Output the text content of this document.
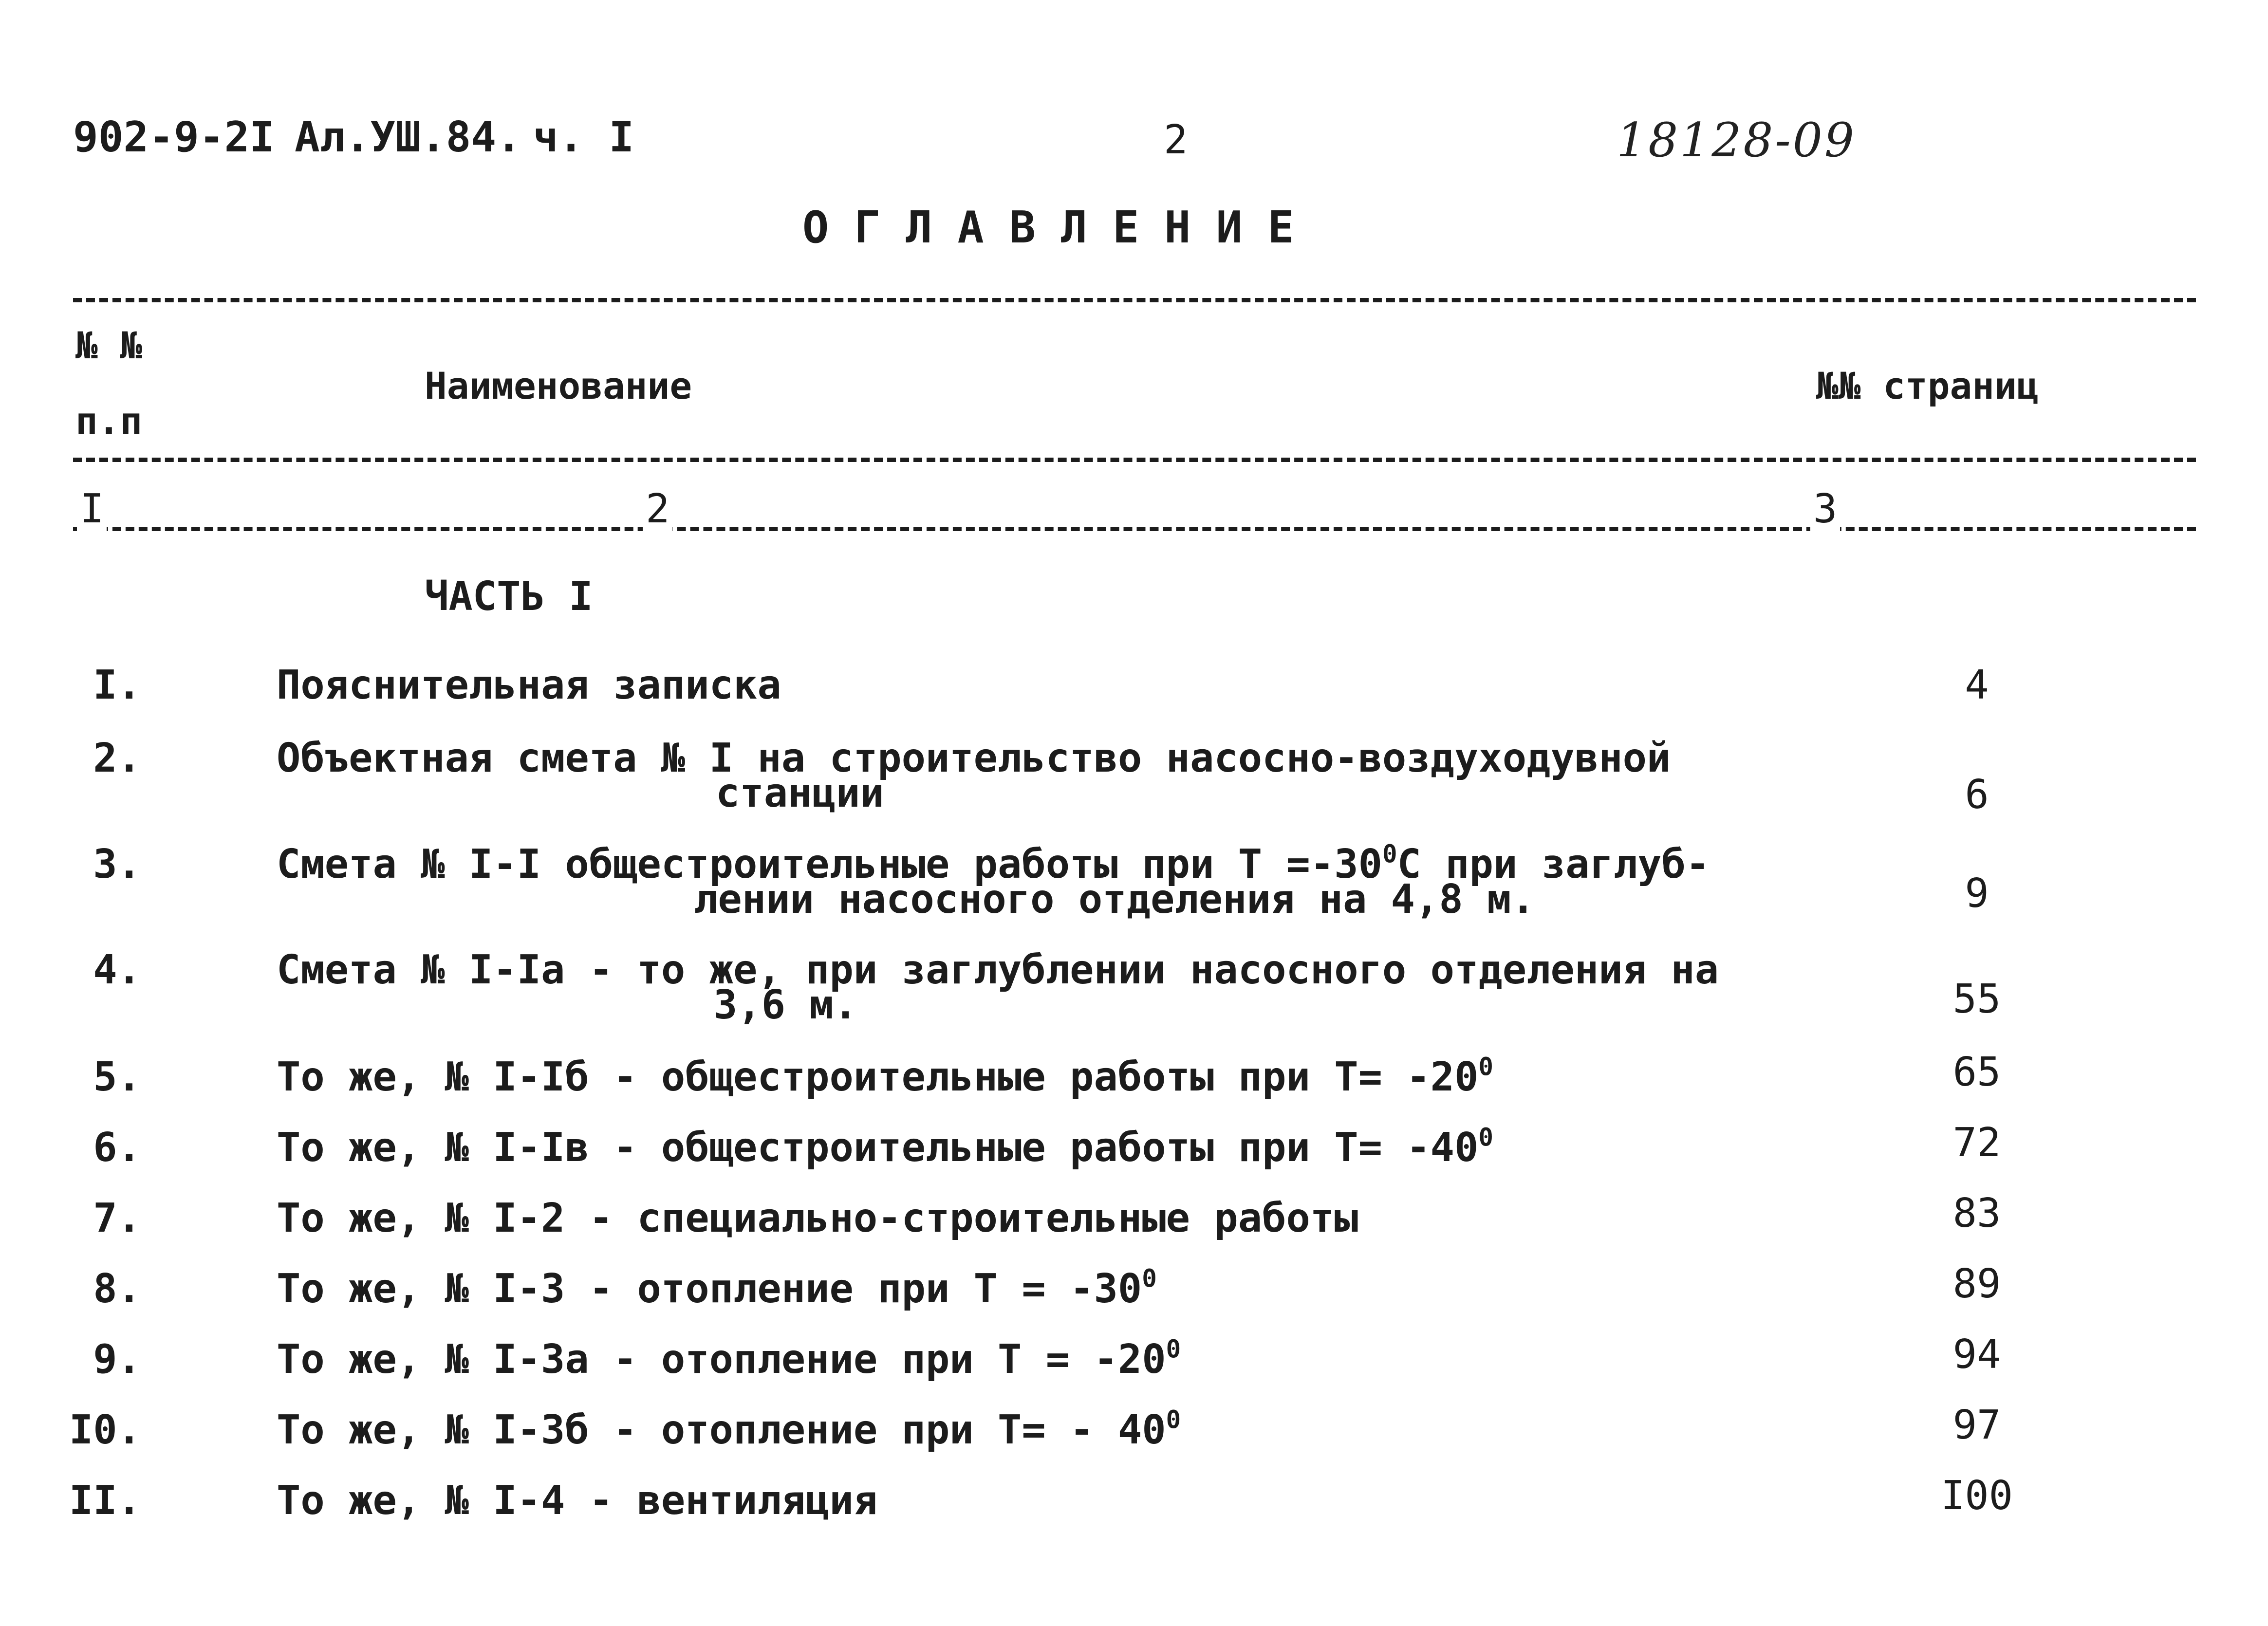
902-9-2I Ал.УШ.84. ч. I	2	18128-09
ОГЛАВЛЕНИЕ
№ №
п.п
Наименование	№№ страниц
I	2	3
ЧАСТЬ I
I.	Пояснительная записка	4
2.	Объектная смета № I на строительство насосно-воздуходувной
станции	6
3.	Смета № I-I общестроительные работы при $Т =-30^0С$ при заглуб-
лении насосного отделения на 4,8 м.	9
4.	Смета № I-Iа - то же, при заглублении насосного отделения на
3,6 м.	55
5.	То же, № I-Iб - общестроительные работы при $Т= -20^0$	65
6.	То же, № I-Iв - общестроительные работы при $Т= -40^0$	72
7.	То же, № I-2 - специально-строительные работы	83
8.	То же, № I-3 - отопление при $Т = -30^0$	89
9.	То же, № I-3а - отопление при $Т = -20^0$	94
I0.	То же, № I-3б - отопление при $Т= - 40^0$	97
II.	То же, № I-4 - вентиляция	I00
